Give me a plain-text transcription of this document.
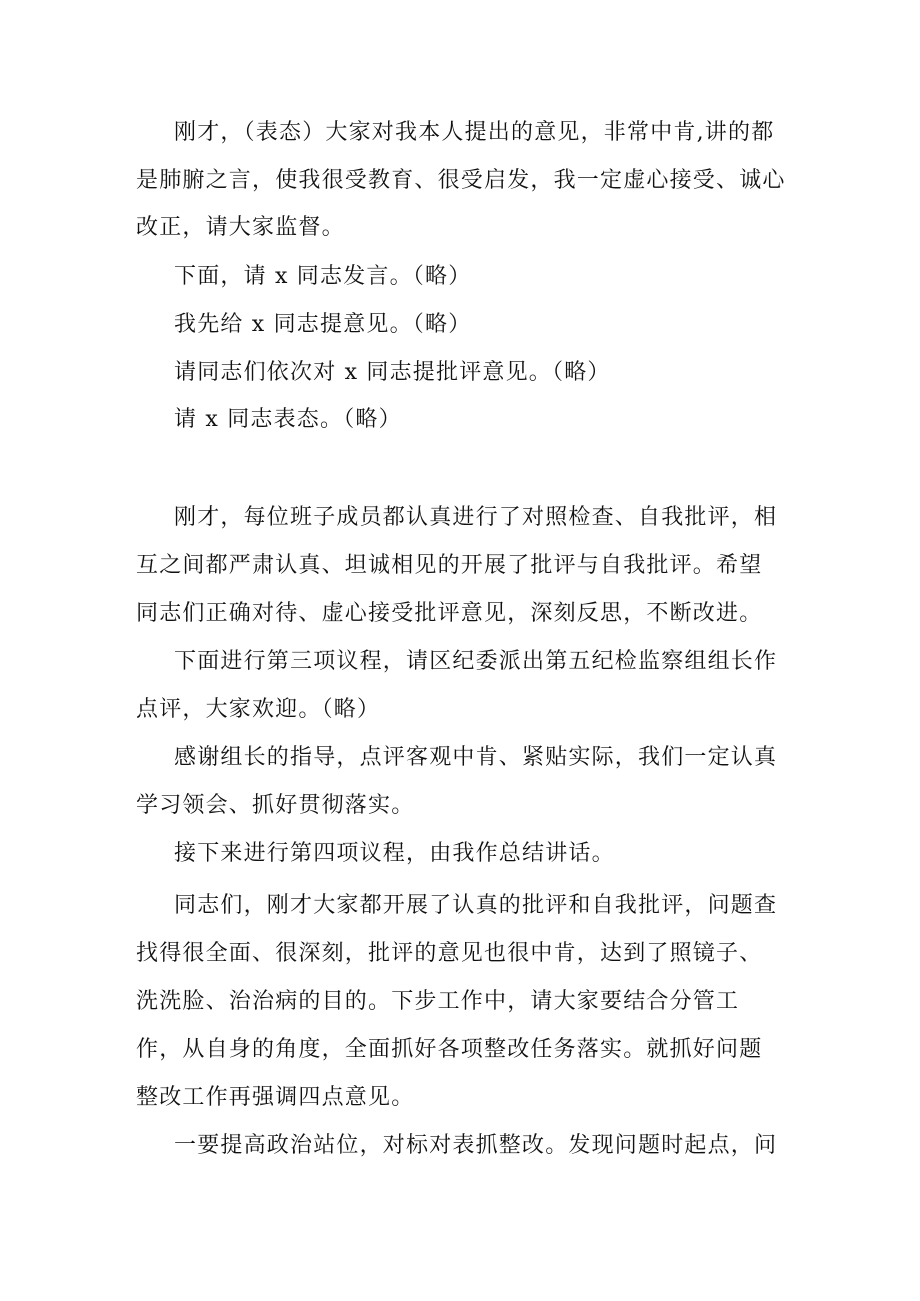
刚才，（表态）大家对我本人提出的意见，非常中肯,讲的都
是肺腑之言，使我很受教育、很受启发，我一定虚心接受、诚心
改正，请大家监督。
下面，请 x 同志发言。（略）
我先给 x 同志提意见。（略）
请同志们依次对 x 同志提批评意见。（略）
请 x 同志表态。（略）
刚才，每位班子成员都认真进行了对照检查、自我批评，相
互之间都严肃认真、坦诚相见的开展了批评与自我批评。希望
同志们正确对待、虚心接受批评意见，深刻反思，不断改进。
下面进行第三项议程，请区纪委派出第五纪检监察组组长作
点评，大家欢迎。（略）
感谢组长的指导，点评客观中肯、紧贴实际，我们一定认真
学习领会、抓好贯彻落实。
接下来进行第四项议程，由我作总结讲话。
同志们，刚才大家都开展了认真的批评和自我批评，问题查
找得很全面、很深刻，批评的意见也很中肯，达到了照镜子、
洗洗脸、治治病的目的。下步工作中，请大家要结合分管工
作，从自身的角度，全面抓好各项整改任务落实。就抓好问题
整改工作再强调四点意见。
一要提高政治站位，对标对表抓整改。发现问题时起点，问
